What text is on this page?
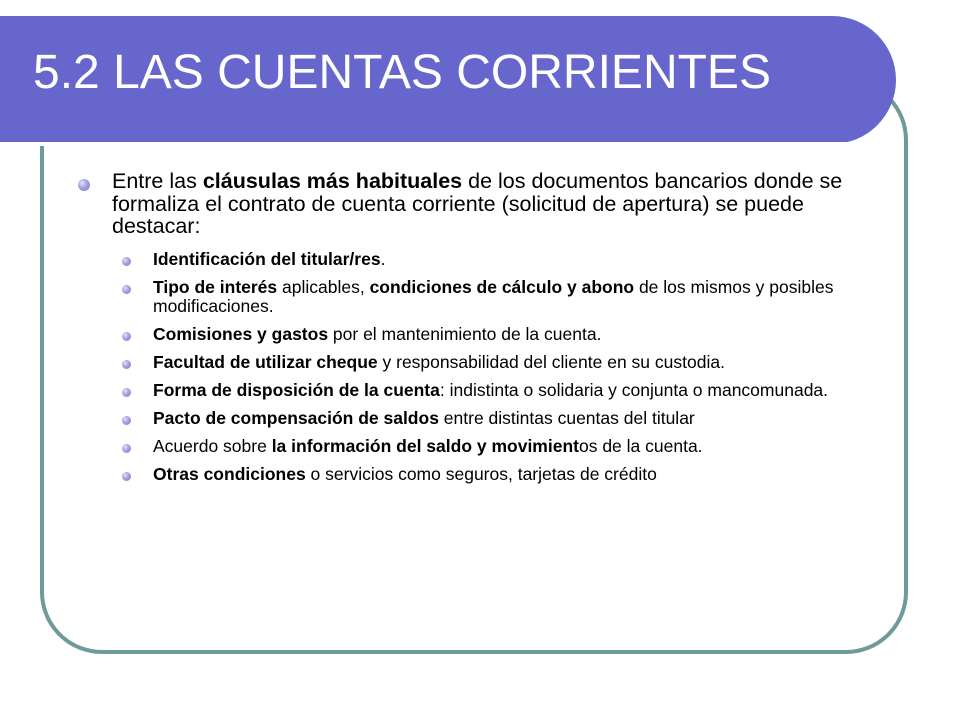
5.2 LAS CUENTAS CORRIENTES
Entre las cláusulas más habituales de los documentos bancarios donde se formaliza el contrato de cuenta corriente (solicitud de apertura) se puede destacar:
Identificación del titular/res.
Tipo de interés aplicables, condiciones de cálculo y abono de los mismos y posibles modificaciones.
Comisiones y gastos por el mantenimiento de la cuenta.
Facultad de utilizar cheque y responsabilidad del cliente en su custodia.
Forma de disposición de la cuenta: indistinta o solidaria y conjunta o mancomunada.
Pacto de compensación de saldos entre distintas cuentas del titular
Acuerdo sobre la información del saldo y movimientos de la cuenta.
Otras condiciones o servicios como seguros, tarjetas de crédito
